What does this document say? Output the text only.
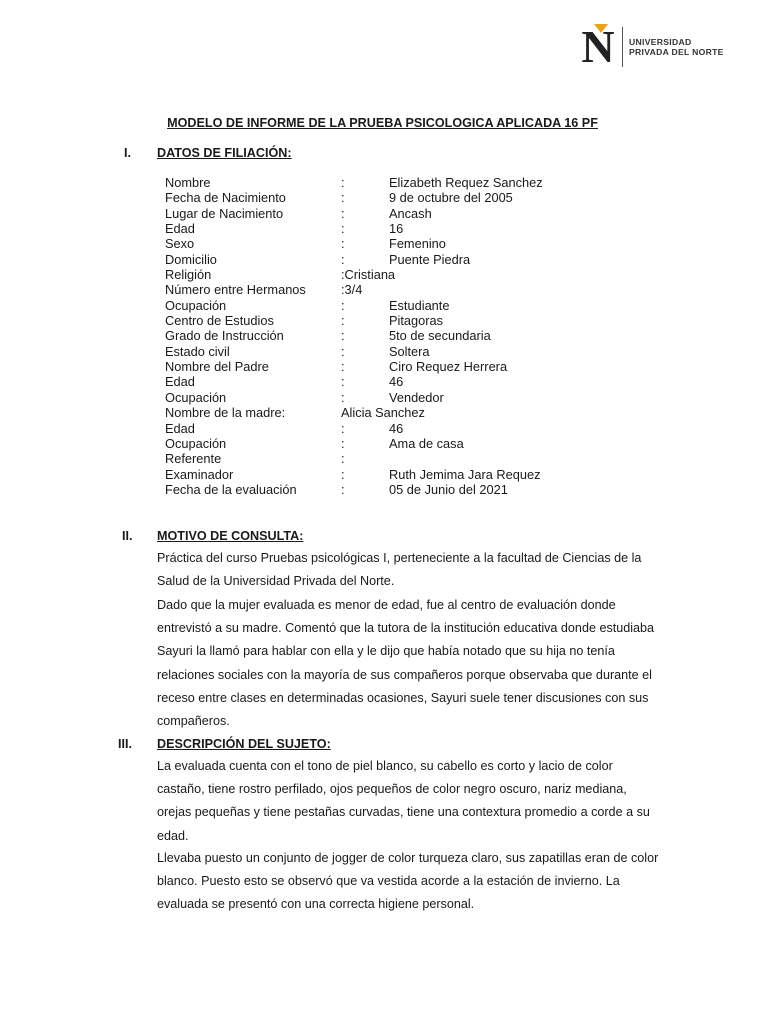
N	UNIVERSIDAD
PRIVADA DEL NORTE
MODELO DE INFORME DE LA PRUEBA PSICOLOGICA APLICADA 16 PF
I. DATOS DE FILIACIÓN:
Nombre	:	Elizabeth Requez Sanchez
Fecha de Nacimiento	:	9 de octubre del 2005
Lugar de Nacimiento	:	Ancash
Edad	:	16
Sexo	:	Femenino
Domicilio	:	Puente Piedra
Religión	:Cristiana
Número entre Hermanos	:3/4
Ocupación	:	Estudiante
Centro de Estudios	:	Pitagoras
Grado de Instrucción	:	5to de secundaria
Estado civil	:	Soltera
Nombre del Padre	:	Ciro Requez Herrera
Edad	:	46
Ocupación	:	Vendedor
Nombre de la madre:	Alicia Sanchez
Edad	:	46
Ocupación	:	Ama de casa
Referente	:
Examinador	:	Ruth Jemima Jara Requez
Fecha de la evaluación	:	05 de Junio del 2021
II. MOTIVO DE CONSULTA:

Práctica del curso Pruebas psicológicas I, perteneciente a la facultad de Ciencias de la Salud de la Universidad Privada del Norte.

Dado que la mujer evaluada es menor de edad, fue al centro de evaluación donde entrevistó a su madre. Comentó que la tutora de la institución educativa donde estudiaba Sayuri la llamó para hablar con ella y le dijo que había notado que su hija no tenía relaciones sociales con la mayoría de sus compañeros porque observaba que durante el receso entre clases en determinadas ocasiones, Sayuri suele tener discusiones con sus compañeros.

III. DESCRIPCIÓN DEL SUJETO:

La evaluada cuenta con el tono de piel blanco, su cabello es corto y lacio de color castaño, tiene rostro perfilado, ojos pequeños de color negro oscuro, nariz mediana, orejas pequeñas y tiene pestañas curvadas, tiene una contextura promedio a corde a su edad.

Llevaba puesto un conjunto de jogger de color turqueza claro, sus zapatillas eran de color blanco. Puesto esto se observó que va vestida acorde a la estación de invierno. La evaluada se presentó con una correcta higiene personal.
